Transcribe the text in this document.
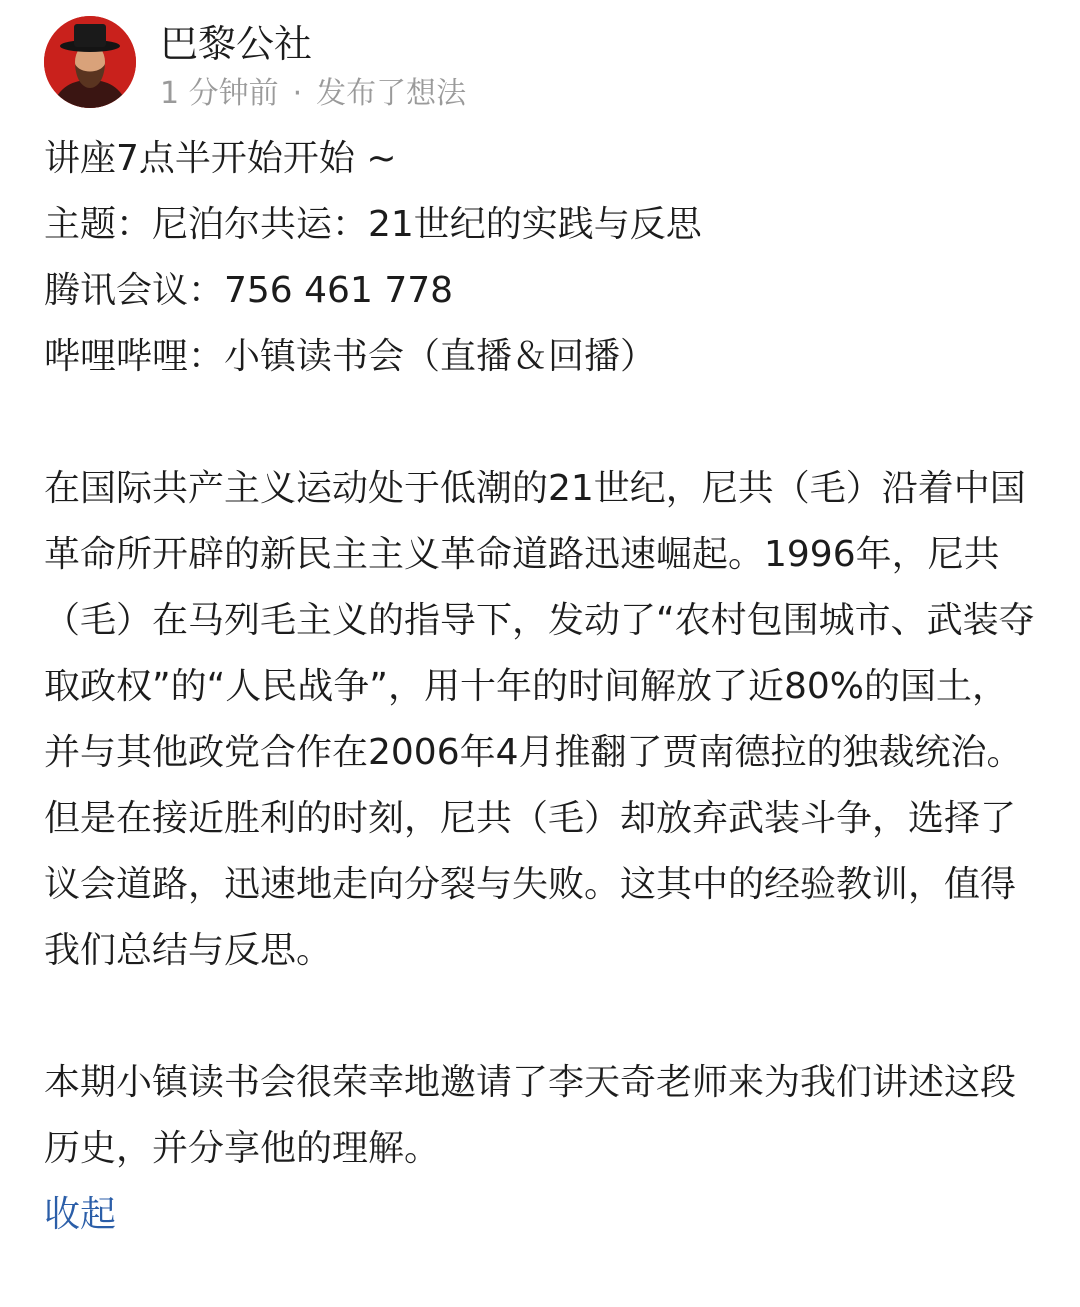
巴黎公社
1 分钟前 · 发布了想法
讲座7点半开始开始 ~
主题：尼泊尔共运：21世纪的实践与反思
腾讯会议：756 461 778
哔哩哔哩：小镇读书会（直播＆回播）

在国际共产主义运动处于低潮的21世纪，尼共（毛）沿着中国革命所开辟的新民主主义革命道路迅速崛起。1996年，尼共（毛）在马列毛主义的指导下，发动了“农村包围城市、武装夺取政权”的“人民战争”，用十年的时间解放了近80%的国土，并与其他政党合作在2006年4月推翻了贾南德拉的独裁统治。但是在接近胜利的时刻，尼共（毛）却放弃武装斗争，选择了议会道路，迅速地走向分裂与失败。这其中的经验教训，值得我们总结与反思。

本期小镇读书会很荣幸地邀请了李天奇老师来为我们讲述这段历史，并分享他的理解。

收起
